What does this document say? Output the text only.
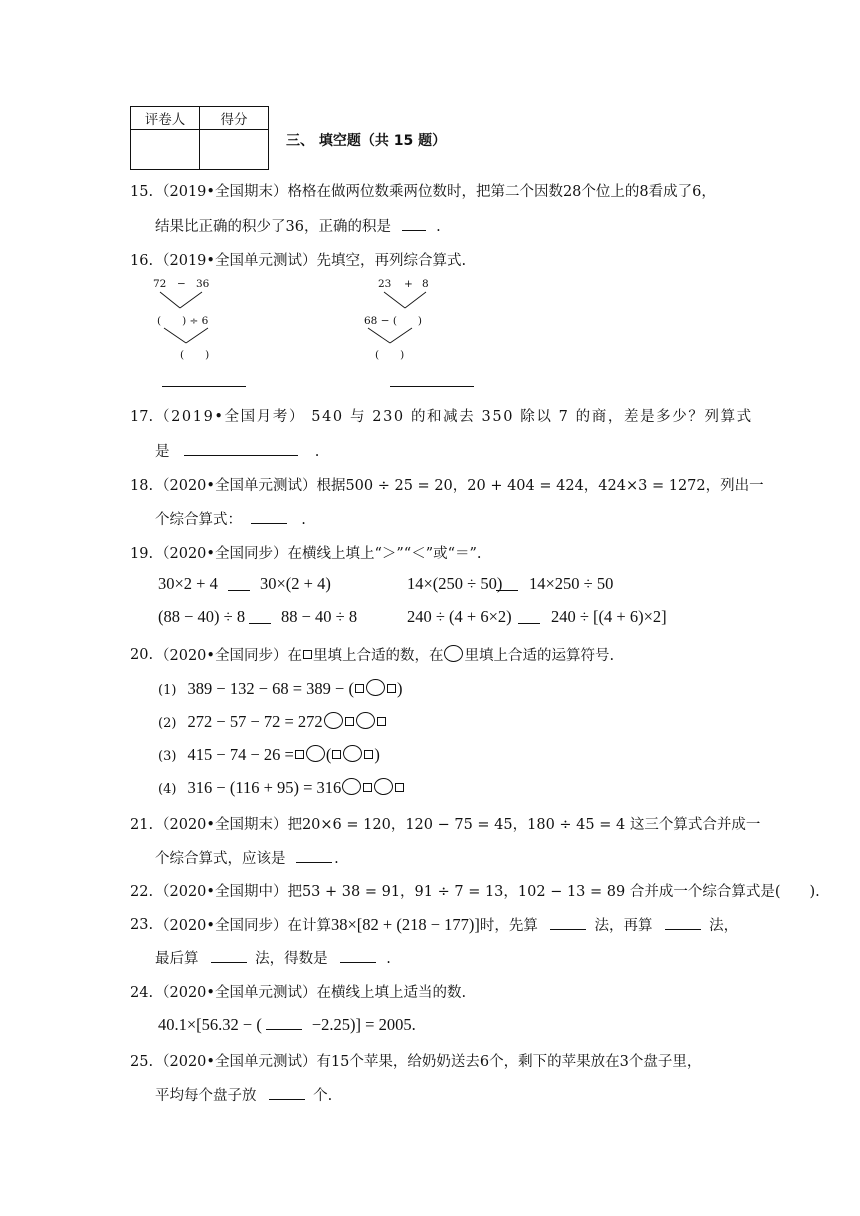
评卷人	得分

三、 填空题（共 15 题）
15. （2019•全国期末）格格在做两位数乘两位数时，把第二个因数28个位上的8看成了6，
结果比正确的积少了36，正确的积是	.
16. （2019•全国单元测试）先填空，再列综合算式.
72 − 36
(　　) ÷ 6
(　　)
23 + 8
68 − (　　)
(　　)
17. （2019•全国月考） 540 与 230 的和减去 350 除以 7 的商，差是多少？列算式
是	.
18. （2020•全国单元测试）根据500 ÷ 25 = 20，20 + 404 = 424，424×3 = 1272，列出一
个综合算式：	.
19. （2020•全国同步）在横线上填上“＞”“＜”或“＝”.
30×2 + 4	30×(2 + 4)	14×(250 ÷ 50) 14×250 ÷ 50
(88 − 40) ÷ 8 88 − 40 ÷ 8	240 ÷ (4 + 6×2) 240 ÷ [(4 + 6)×2]
20. （2020•全国同步）在 里填上合适的数，在 里填上合适的运算符号.
(1) 389 − 132 − 68 = 389 − (	)
(2) 272 − 57 − 72 = 272
(3) 415 − 74 − 26 = (	)
(4) 316 − (116 + 95) = 316
21. （2020•全国期末）把20×6 = 120，120 − 75 = 45，180 ÷ 45 = 4 这三个算式合并成一
个综合算式，应该是	.
22. （2020•全国期中）把53 + 38 = 91，91 ÷ 7 = 13，102 − 13 = 89 合并成一个综合算式是(　　).
23. （2020•全国同步）在计算38×[82 + (218 − 177)]时，先算	法，再算	法，
最后算	法，得数是	.
24. （2020•全国单元测试）在横线上填上适当的数.
40.1×[56.32 − (	−2.25)] = 2005.
25. （2020•全国单元测试）有15个苹果，给奶奶送去6个，剩下的苹果放在3个盘子里，
平均每个盘子放	个.
